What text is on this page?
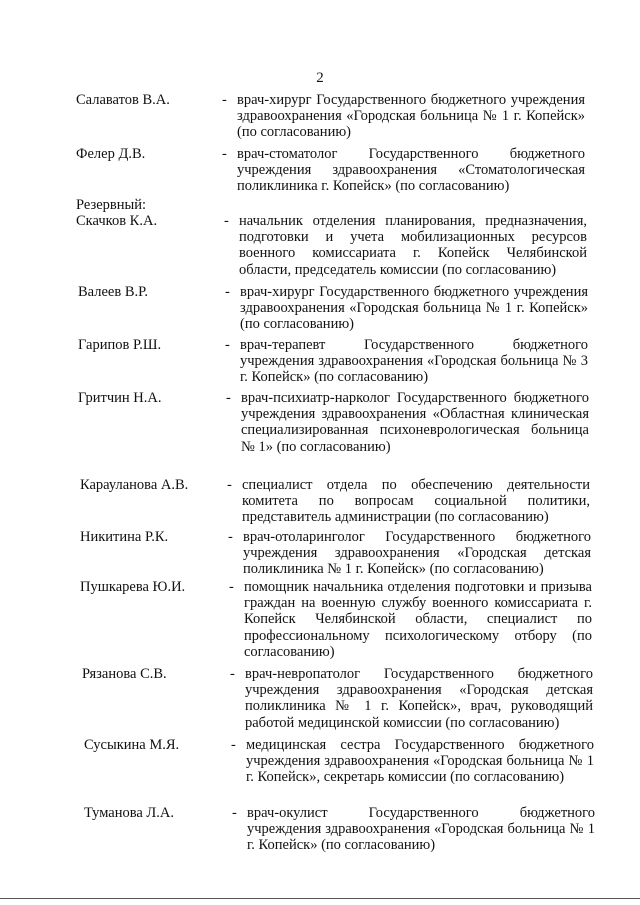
2
Салаватов В.А.	- врач-хирург Государственного бюджетного учреждения здравоохранения «Городская больница № 1 г. Копейск» (по согласованию)
Фелер Д.В.	- врач-стоматолог Государственного бюджетного учреждения здравоохранения «Стоматологическая поликлиника г. Копейск» (по согласованию)
Резервный:
Скачков К.А.	- начальник отделения планирования, предназначения, подготовки и учета мобилизационных ресурсов военного комиссариата г. Копейск Челябинской области, председатель комиссии (по согласованию)
Валеев В.Р.	- врач-хирург Государственного бюджетного учреждения здравоохранения «Городская больница № 1 г. Копейск» (по согласованию)
Гарипов Р.Ш.	- врач-терапевт Государственного бюджетного учреждения здравоохранения «Городская больница № 3 г. Копейск» (по согласованию)
Гритчин Н.А.	- врач-психиатр-нарколог Государственного бюджетного учреждения здравоохранения «Областная клиническая специализированная психоневрологическая больница № 1» (по согласованию)
Карауланова А.В.	- специалист отдела по обеспечению деятельности комитета по вопросам социальной политики, представитель администрации (по согласованию)
Никитина Р.К.	- врач-отоларинголог Государственного бюджетного учреждения здравоохранения «Городская детская поликлиника № 1 г. Копейск» (по согласованию)
Пушкарева Ю.И.	- помощник начальника отделения подготовки и призыва граждан на военную службу военного комиссариата г. Копейск Челябинской области, специалист по профессиональному психологическому отбору (по согласованию)
Рязанова С.В.	- врач-невропатолог Государственного бюджетного учреждения здравоохранения «Городская детская поликлиника № 1 г. Копейск», врач, руководящий работой медицинской комиссии (по согласованию)
Сусыкина М.Я.	- медицинская сестра Государственного бюджетного учреждения здравоохранения «Городская больница № 1 г. Копейск», секретарь комиссии (по согласованию)
Туманова Л.А.	- врач-окулист Государственного бюджетного учреждения здравоохранения «Городская больница № 1 г. Копейск» (по согласованию)
